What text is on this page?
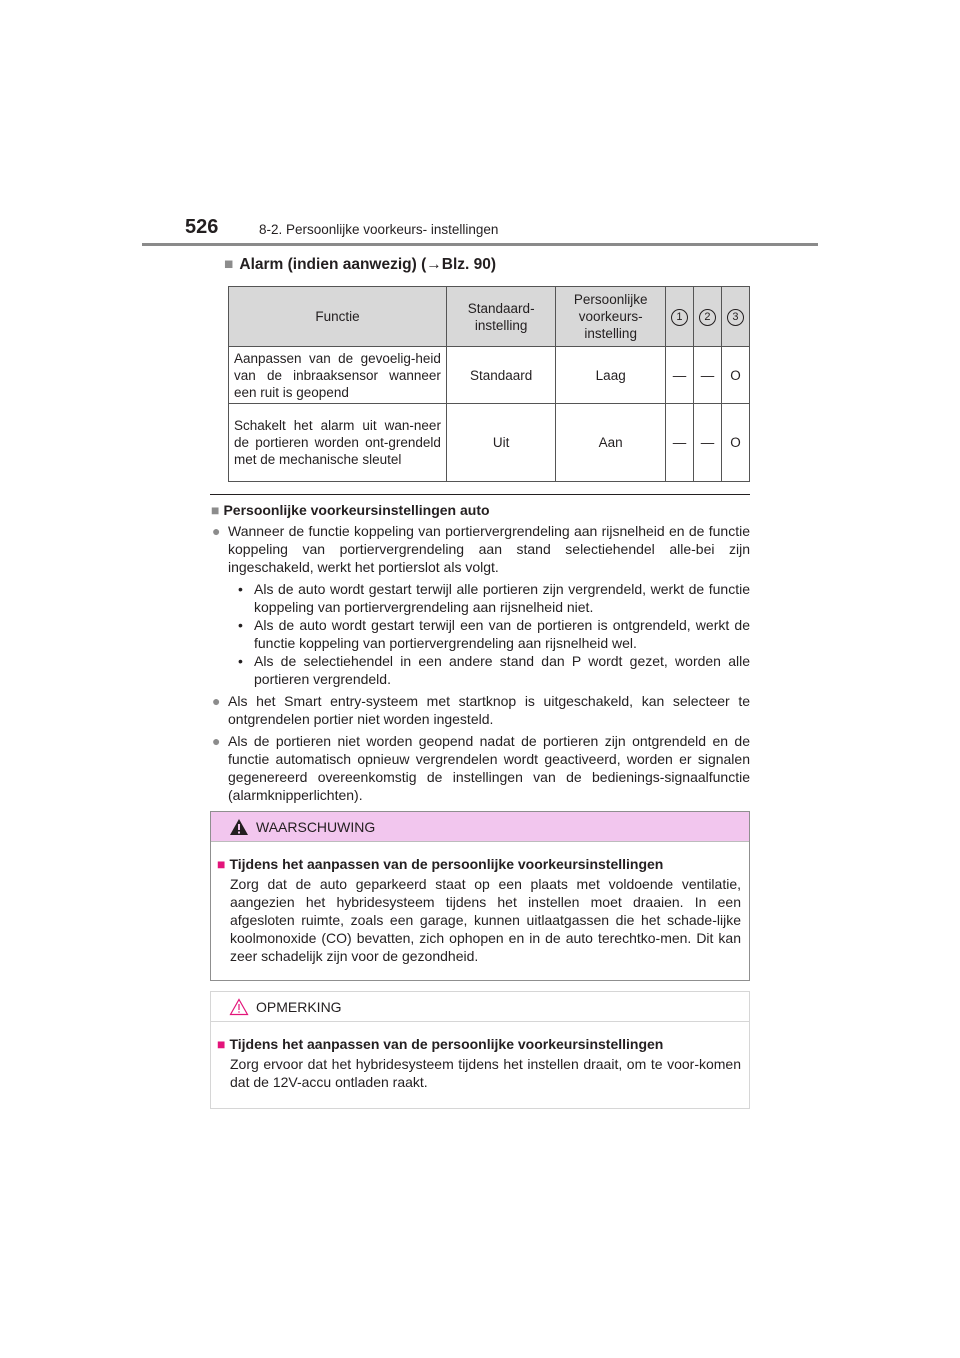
526	8-2. Persoonlijke voorkeurs- instellingen
■ Alarm (indien aanwezig) (→Blz. 90)
Functie	Standaard-instelling	Persoonlijke voorkeurs-instelling	1	2	3
Aanpassen van de gevoelig-heid van de inbraaksensor wanneer een ruit is geopend	Standaard	Laag	—	—	O
Schakelt het alarm uit wan-neer de portieren worden ont-grendeld met de mechanische sleutel	Uit	Aan	—	—	O
■ Persoonlijke voorkeursinstellingen auto
● Wanneer de functie koppeling van portiervergrendeling aan rijsnelheid en de functie koppeling van portiervergrendeling aan stand selectiehendel alle-bei zijn ingeschakeld, werkt het portierslot als volgt.
• Als de auto wordt gestart terwijl alle portieren zijn vergrendeld, werkt de functie koppeling van portiervergrendeling aan rijsnelheid niet.
• Als de auto wordt gestart terwijl een van de portieren is ontgrendeld, werkt de functie koppeling van portiervergrendeling aan rijsnelheid wel.
• Als de selectiehendel in een andere stand dan P wordt gezet, worden alle portieren vergrendeld.
● Als het Smart entry-systeem met startknop is uitgeschakeld, kan selecteer te ontgrendelen portier niet worden ingesteld.
● Als de portieren niet worden geopend nadat de portieren zijn ontgrendeld en de functie automatisch opnieuw vergrendelen wordt geactiveerd, worden er signalen gegenereerd overeenkomstig de instellingen van de bedienings-signaalfunctie (alarmknipperlichten).
WAARSCHUWING
■ Tijdens het aanpassen van de persoonlijke voorkeursinstellingen
Zorg dat de auto geparkeerd staat op een plaats met voldoende ventilatie, aangezien het hybridesysteem tijdens het instellen moet draaien. In een afgesloten ruimte, zoals een garage, kunnen uitlaatgassen die het schade-lijke koolmonoxide (CO) bevatten, zich ophopen en in de auto terechtko-men. Dit kan zeer schadelijk zijn voor de gezondheid.
OPMERKING
■ Tijdens het aanpassen van de persoonlijke voorkeursinstellingen
Zorg ervoor dat het hybridesysteem tijdens het instellen draait, om te voor-komen dat de 12V-accu ontladen raakt.
